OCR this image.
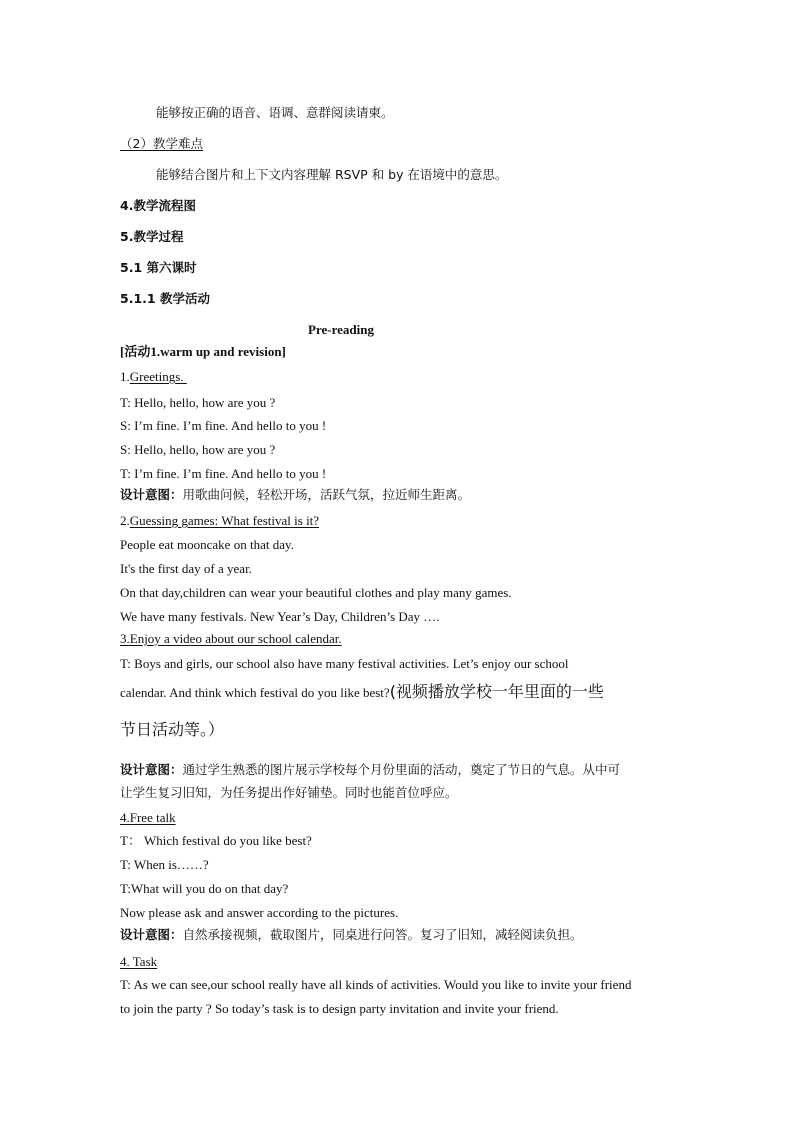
能够按正确的语音、语调、意群阅读请柬。
（2）教学难点
能够结合图片和上下文内容理解 RSVP 和 by 在语境中的意思。
4.教学流程图
5.教学过程
5.1 第六课时
5.1.1 教学活动
Pre-reading
[活动1.warm up and revision]
1.Greetings.
T: Hello, hello, how are you ?
S: I’m fine. I’m fine. And hello to you !
S: Hello, hello, how are you ?
T: I’m fine. I’m fine. And hello to you !
设计意图：用歌曲问候，轻松开场，活跃气氛，拉近师生距离。
2.Guessing games: What festival is it?
People eat mooncake on that day.
It's the first day of a year.
On that day,children can wear your beautiful clothes and play many games.
We have many festivals. New Year’s Day, Children’s Day ….
3.Enjoy a video about our school calendar.
T: Boys and girls, our school also have many festival activities. Let’s enjoy our school
calendar. And think which festival do you like best?(视频播放学校一年里面的一些
节日活动等。）
设计意图：通过学生熟悉的图片展示学校每个月份里面的活动，奠定了节日的气息。从中可
让学生复习旧知，为任务提出作好铺垫。同时也能首位呼应。
4.Free talk
T： Which festival do you like best?
T: When is……?
T:What will you do on that day?
Now please ask and answer according to the pictures.
设计意图：自然承接视频，截取图片，同桌进行问答。复习了旧知，减轻阅读负担。
4. Task
T: As we can see,our school really have all kinds of activities. Would you like to invite your friend
to join the party ? So today’s task is to design party invitation and invite your friend.
